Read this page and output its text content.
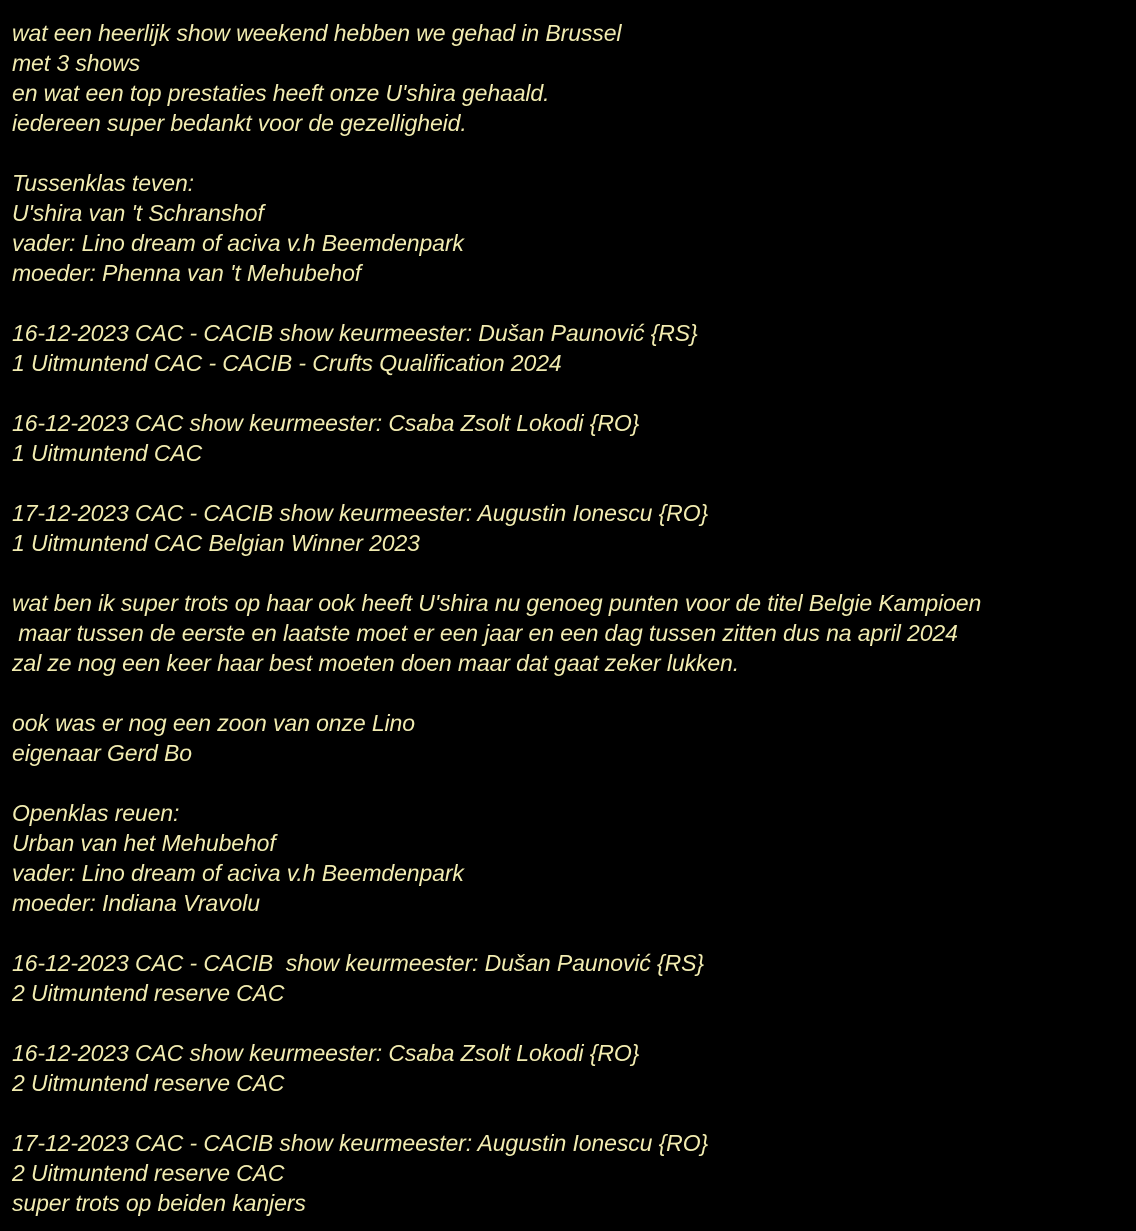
wat een heerlijk show weekend hebben we gehad in Brussel
met 3 shows
en wat een top prestaties heeft onze U'shira gehaald.
iedereen super bedankt voor de gezelligheid.
Tussenklas teven:
U'shira van 't Schranshof
vader: Lino dream of aciva v.h Beemdenpark
moeder: Phenna van 't Mehubehof
16-12-2023 CAC - CACIB show keurmeester: Dušan Paunović {RS}
1 Uitmuntend CAC - CACIB - Crufts Qualification 2024
16-12-2023 CAC show keurmeester: Csaba Zsolt Lokodi {RO}
1 Uitmuntend CAC
17-12-2023 CAC - CACIB show keurmeester: Augustin Ionescu {RO}
1 Uitmuntend CAC Belgian Winner 2023
wat ben ik super trots op haar ook heeft U'shira nu genoeg punten voor de titel Belgie Kampioen
maar tussen de eerste en laatste moet er een jaar en een dag tussen zitten dus na april 2024
zal ze nog een keer haar best moeten doen maar dat gaat zeker lukken.
ook was er nog een zoon van onze Lino
eigenaar Gerd Bo
Openklas reuen:
Urban van het Mehubehof
vader: Lino dream of aciva v.h Beemdenpark
moeder: Indiana Vravolu
16-12-2023 CAC - CACIB  show keurmeester: Dušan Paunović {RS}
2 Uitmuntend reserve CAC
16-12-2023 CAC show keurmeester: Csaba Zsolt Lokodi {RO}
2 Uitmuntend reserve CAC
17-12-2023 CAC - CACIB show keurmeester: Augustin Ionescu {RO}
2 Uitmuntend reserve CAC
super trots op beiden kanjers
